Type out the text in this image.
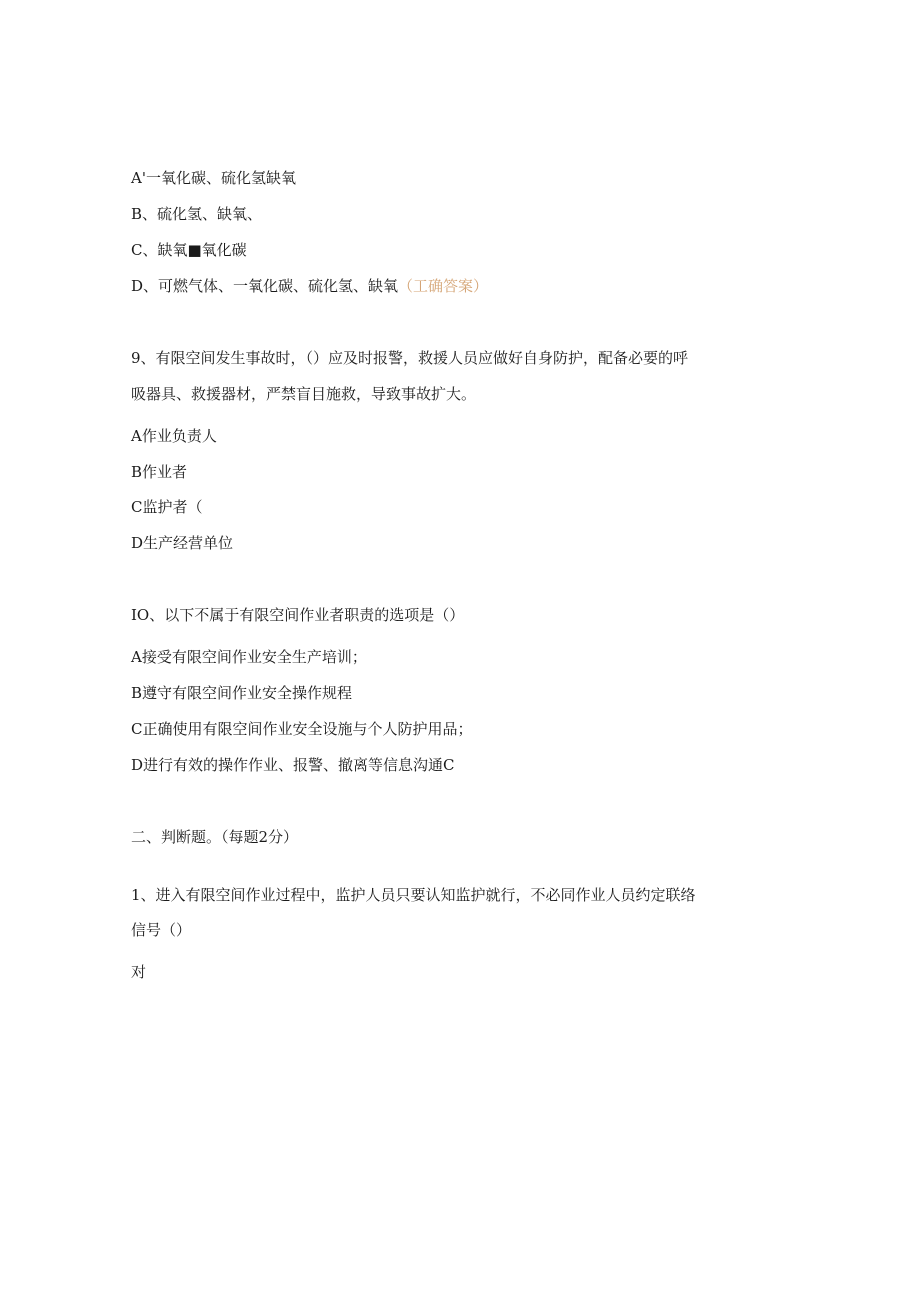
A'一氧化碳、硫化氢缺氧
B、硫化氢、缺氧、
C、缺氧■氧化碳
D、可燃气体、一氧化碳、硫化氢、缺氧（工确答案）
9、有限空间发生事故时，（）应及时报警，救援人员应做好自身防护，配备必要的呼
吸器具、救援器材，严禁盲目施救，导致事故扩大。
A作业负责人
B作业者
C监护者（
D生产经营单位
IO、以下不属于有限空间作业者职责的选项是（）
A接受有限空间作业安全生产培训；
B遵守有限空间作业安全操作规程
C正确使用有限空间作业安全设施与个人防护用品；
D进行有效的操作作业、报警、撤离等信息沟通C
二、判断题。（每题2分）
1、进入有限空间作业过程中，监护人员只要认知监护就行，不必同作业人员约定联络
信号（）
对
